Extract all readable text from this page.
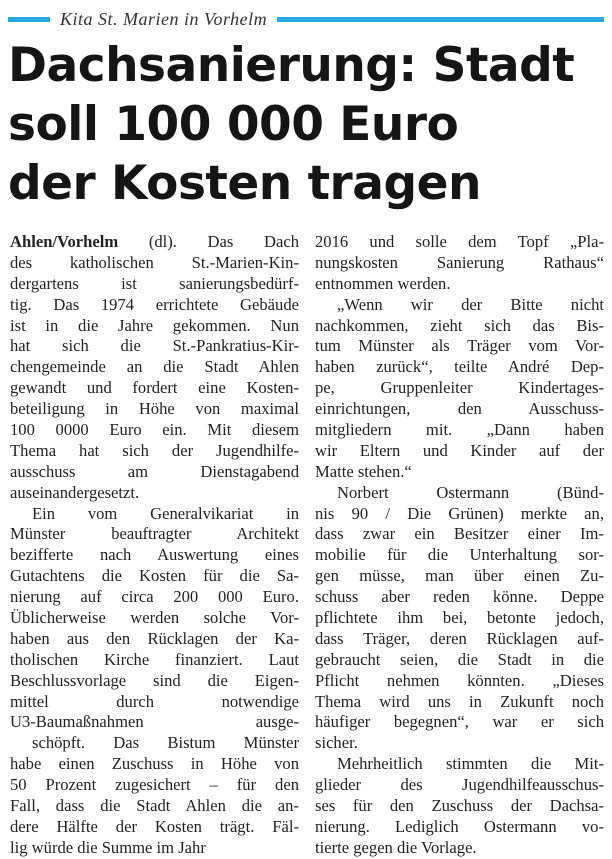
Kita St. Marien in Vorhelm
Dachsanierung: Stadt
soll 100 000 Euro
der Kosten tragen
Ahlen/Vorhelm (dl). Das Dach
des katholischen St.-Marien-Kin-
dergartens ist sanierungsbedürf-
tig. Das 1974 errichtete Gebäude
ist in die Jahre gekommen. Nun
hat sich die St.-Pankratius-Kir-
chengemeinde an die Stadt Ahlen
gewandt und fordert eine Kosten-
beteiligung in Höhe von maximal
100 0000 Euro ein. Mit diesem
Thema hat sich der Jugendhilfe-
ausschuss am Dienstagabend
auseinandergesetzt.
Ein vom Generalvikariat in
Münster beauftragter Architekt
bezifferte nach Auswertung eines
Gutachtens die Kosten für die Sa-
nierung auf circa 200 000 Euro.
Üblicherweise werden solche Vor-
haben aus den Rücklagen der Ka-
tholischen Kirche finanziert. Laut
Beschlussvorlage sind die Eigen-
mittel durch notwendige
U3-Baumaßnahmen ausge-
schöpft. Das Bistum Münster
habe einen Zuschuss in Höhe von
50 Prozent zugesichert – für den
Fall, dass die Stadt Ahlen die an-
dere Hälfte der Kosten trägt. Fäl-
lig würde die Summe im Jahr
2016 und solle dem Topf „Pla-
nungskosten Sanierung Rathaus“
entnommen werden.
„Wenn wir der Bitte nicht
nachkommen, zieht sich das Bis-
tum Münster als Träger vom Vor-
haben zurück“, teilte André Dep-
pe, Gruppenleiter Kindertages-
einrichtungen, den Ausschuss-
mitgliedern mit. „Dann haben
wir Eltern und Kinder auf der
Matte stehen.“
Norbert Ostermann (Bünd-
nis 90 / Die Grünen) merkte an,
dass zwar ein Besitzer einer Im-
mobilie für die Unterhaltung sor-
gen müsse, man über einen Zu-
schuss aber reden könne. Deppe
pflichtete ihm bei, betonte jedoch,
dass Träger, deren Rücklagen auf-
gebraucht seien, die Stadt in die
Pflicht nehmen könnten. „Dieses
Thema wird uns in Zukunft noch
häufiger begegnen“, war er sich
sicher.
Mehrheitlich stimmten die Mit-
glieder des Jugendhilfeausschus-
ses für den Zuschuss der Dachsa-
nierung. Lediglich Ostermann vo-
tierte gegen die Vorlage.
